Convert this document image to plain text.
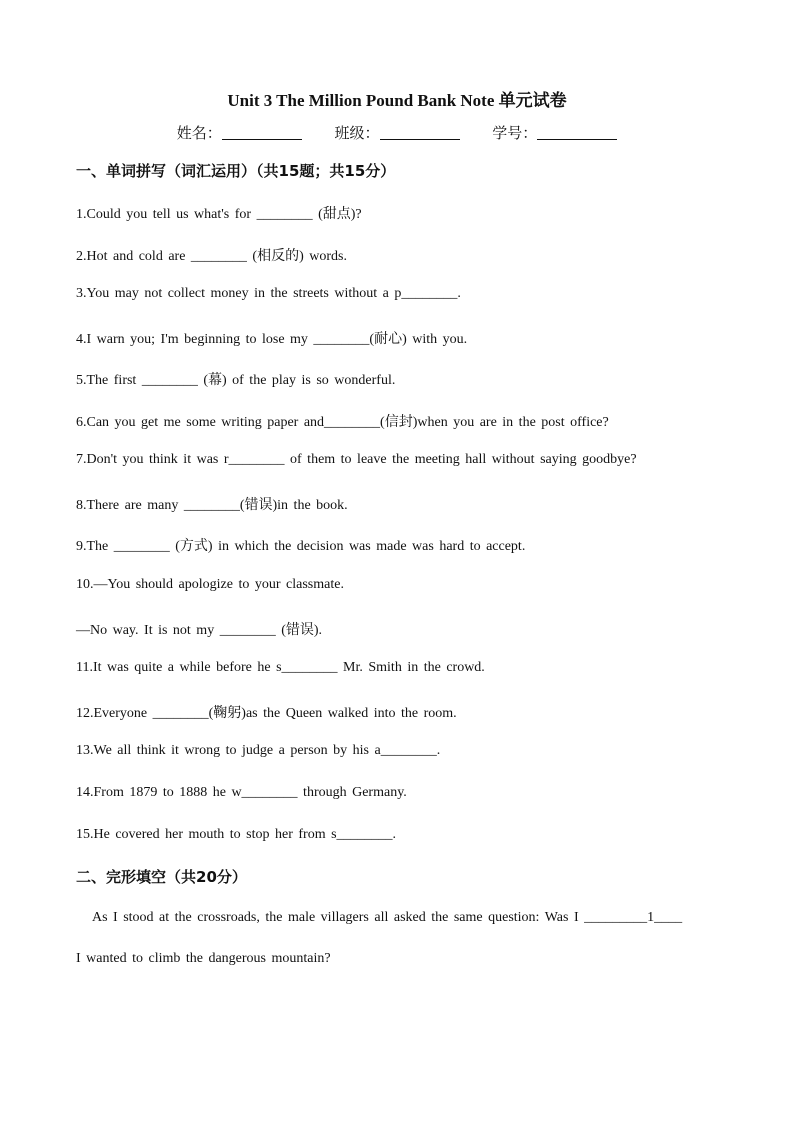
Unit 3 The Million Pound Bank Note 单元试卷
姓名：	班级：	学号：
一、单词拼写（词汇运用）（共15题；共15分）
1.Could you tell us what's for ________ (甜点)?
2.Hot and cold are ________ (相反的) words.
3.You may not collect money in the streets without a p________.
4.I warn you; I'm beginning to lose my ________(耐心) with you.
5.The first ________ (幕) of the play is so wonderful.
6.Can you get me some writing paper and________(信封)when you are in the post office?
7.Don't you think it was r________ of them to leave the meeting hall without saying goodbye?
8.There are many ________(错误)in the book.
9.The ________ (方式) in which the decision was made was hard to accept.
10.—You should apologize to your classmate.
—No way. It is not my ________ (错误).
11.It was quite a while before he s________ Mr. Smith in the crowd.
12.Everyone ________(鞠躬)as the Queen walked into the room.
13.We all think it wrong to judge a person by his a________.
14.From 1879 to 1888 he w________ through Germany.
15.He covered her mouth to stop her from s________.
二、完形填空（共20分）
As I stood at the crossroads, the male villagers all asked the same question: Was I _________1____
I wanted to climb the dangerous mountain?
